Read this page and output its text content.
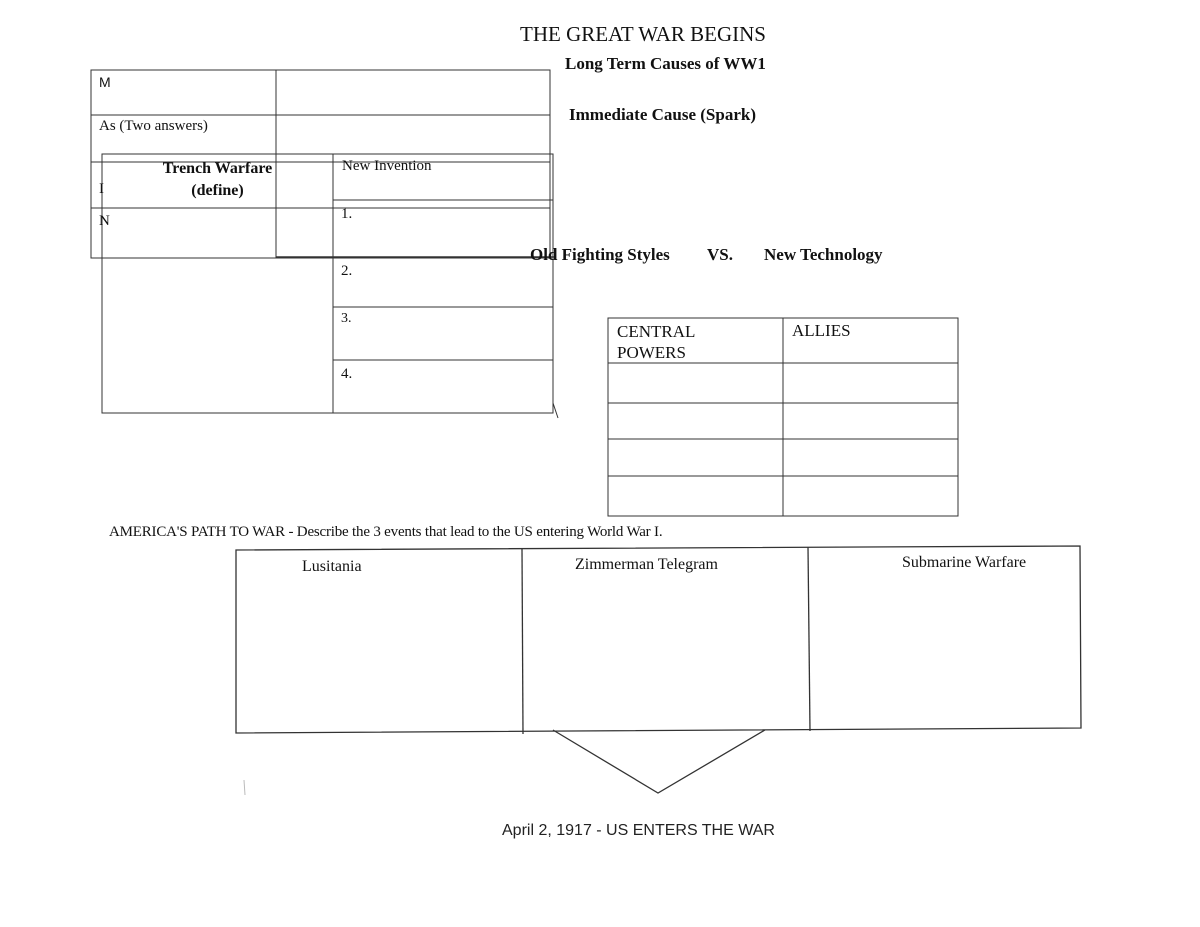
THE GREAT WAR BEGINS
Long Term Causes of WW1
M
As (Two answers)
I
N
Immediate Cause (Spark)
Trench Warfare (define)
New Invention
1.
2.
3.
4.
Old Fighting Styles VS. New Technology
CENTRAL POWERS
ALLIES
AMERICA'S PATH TO WAR - Describe the 3 events that lead to the US entering World War I.
Lusitania	Zimmerman Telegram	Submarine Warfare
April 2, 1917 - US ENTERS THE WAR
